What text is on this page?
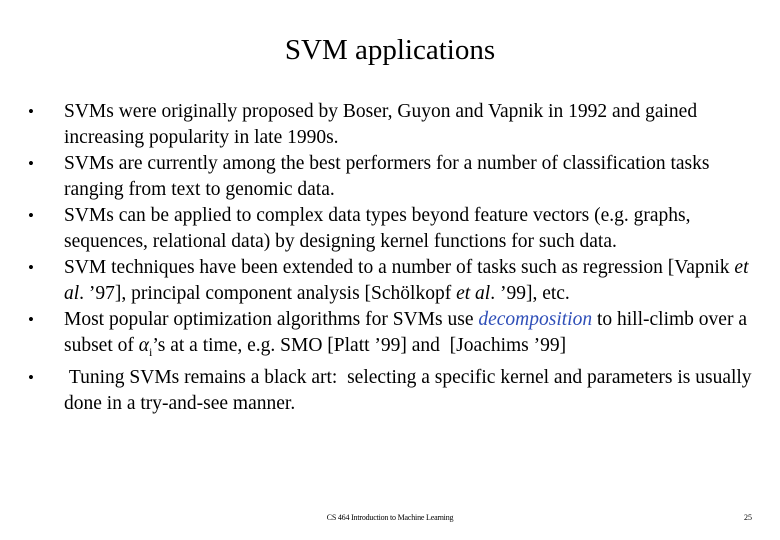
SVM applications
•	SVMs were originally proposed by Boser, Guyon and Vapnik in 1992 and gained increasing popularity in late 1990s.
•	SVMs are currently among the best performers for a number of classification tasks ranging from text to genomic data.
•	SVMs can be applied to complex data types beyond feature vectors (e.g. graphs, sequences, relational data) by designing kernel functions for such data.
•	SVM techniques have been extended to a number of tasks such as regression [Vapnik et al. ’97], principal component analysis [Schölkopf et al. ’99], etc.
•	Most popular optimization algorithms for SVMs use decomposition to hill-climb over a subset of $\alpha_i’s$ at a time, e.g. SMO [Platt ’99] and  [Joachims ’99]
•	Tuning SVMs remains a black art:  selecting a specific kernel and parameters is usually done in a try-and-see manner.
CS 464 Introduction to Machine Learning	25
